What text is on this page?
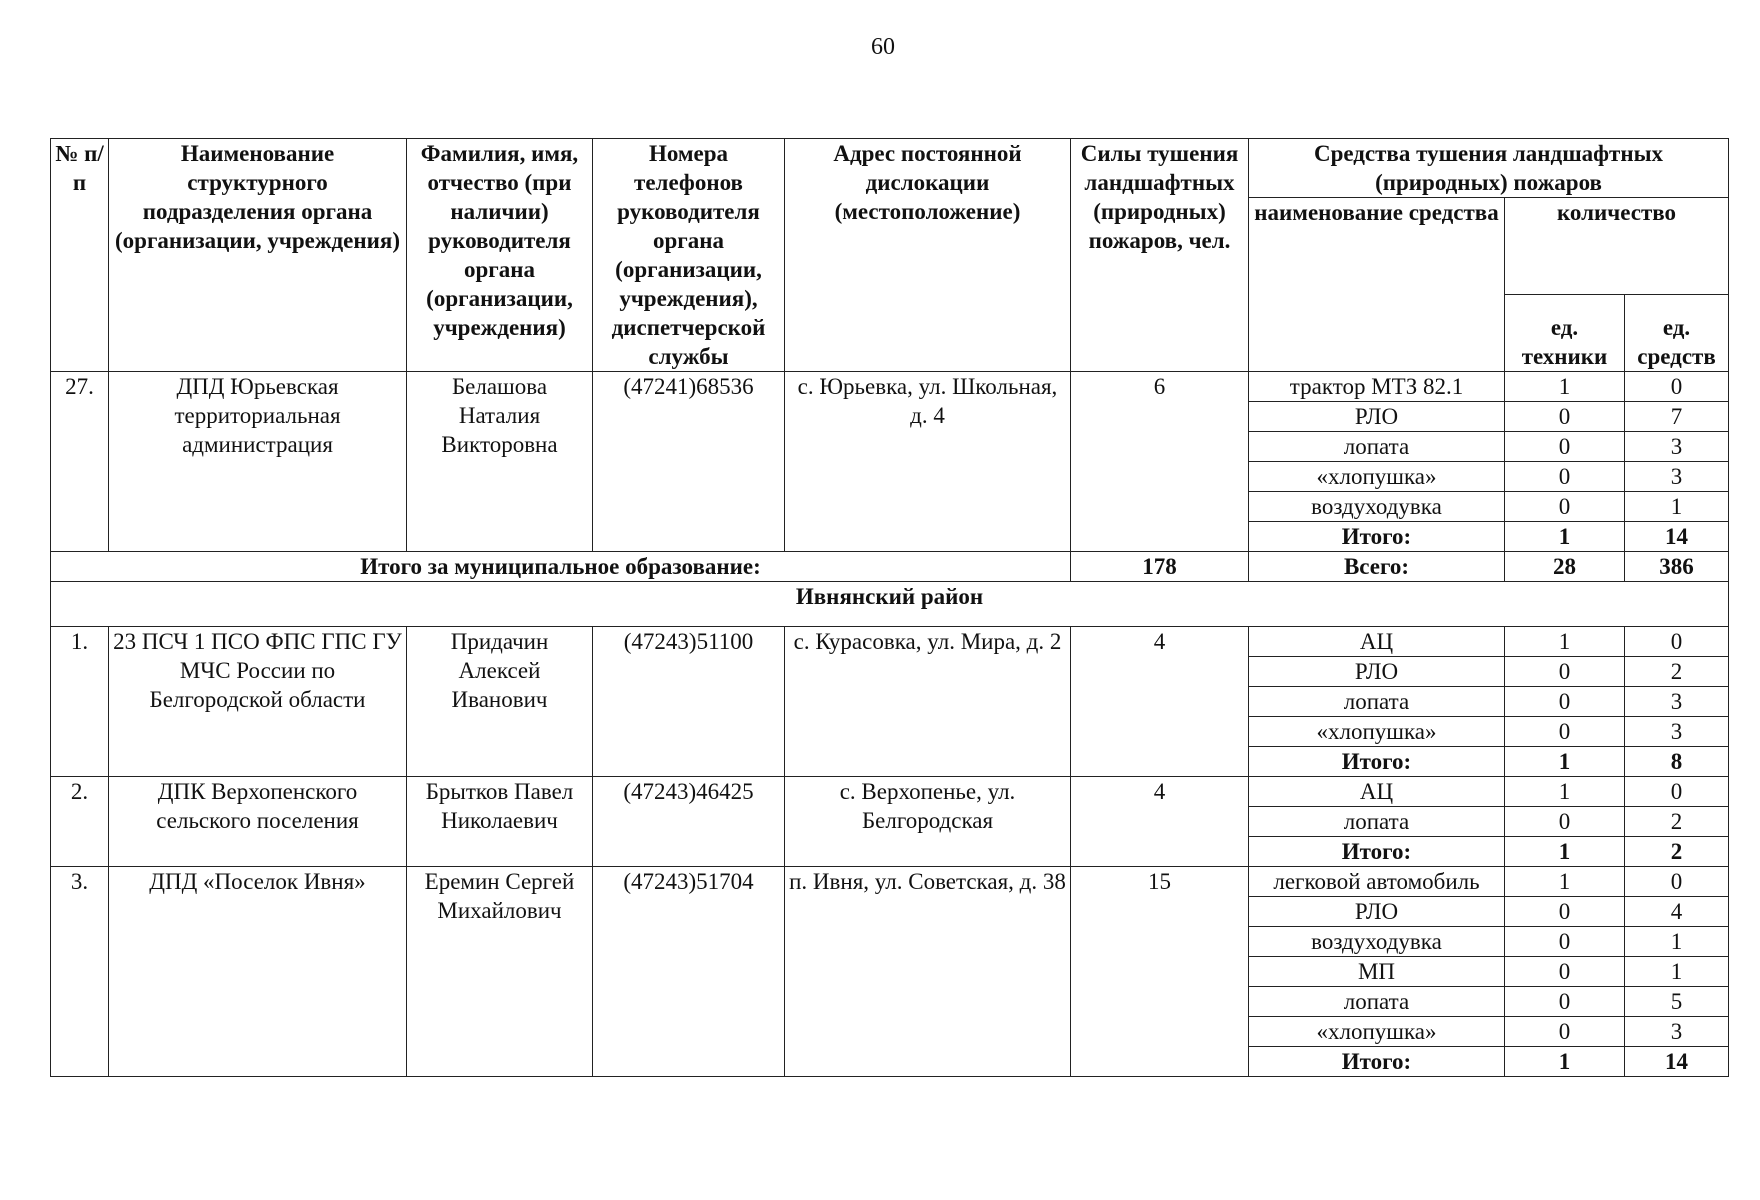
60
№ п/п	Наименование структурного подразделения органа (организации, учреждения)	Фамилия, имя, отчество (при наличии) руководителя органа (организации, учреждения)	Номера телефонов руководителя органа (организации, учреждения), диспетчерской службы	Адрес постоянной дислокации (местоположение)	Силы тушения ландшафтных (природных) пожаров, чел.	Средства тушения ландшафтных (природных) пожаров		
						наименование средства	количество	
							ед. техники	ед. средств
27.	ДПД Юрьевская территориальная администрация	Белашова Наталия Викторовна	(47241)68536	с. Юрьевка, ул. Школьная, д. 4	6	трактор МТЗ 82.1	1	0
						РЛО	0	7
						лопата	0	3
						«хлопушка»	0	3
						воздуходувка	0	1
						Итого:	1	14
Итого за муниципальное образование:					178	Всего:	28	386
Ивнянский район								
1.	23 ПСЧ 1 ПСО ФПС ГПС ГУ МЧС России по Белгородской области	Придачин Алексей Иванович	(47243)51100	с. Курасовка, ул. Мира, д. 2	4	АЦ	1	0
						РЛО	0	2
						лопата	0	3
						«хлопушка»	0	3
						Итого:	1	8
2.	ДПК Верхопенского сельского поселения	Брытков Павел Николаевич	(47243)46425	с. Верхопенье, ул. Белгородская	4	АЦ	1	0
						лопата	0	2
						Итого:	1	2
3.	ДПД «Поселок Ивня»	Еремин Сергей Михайлович	(47243)51704	п. Ивня, ул. Советская, д. 38	15	легковой автомобиль	1	0
						РЛО	0	4
						воздуходувка	0	1
						МП	0	1
						лопата	0	5
						«хлопушка»	0	3
						Итого:	1	14
